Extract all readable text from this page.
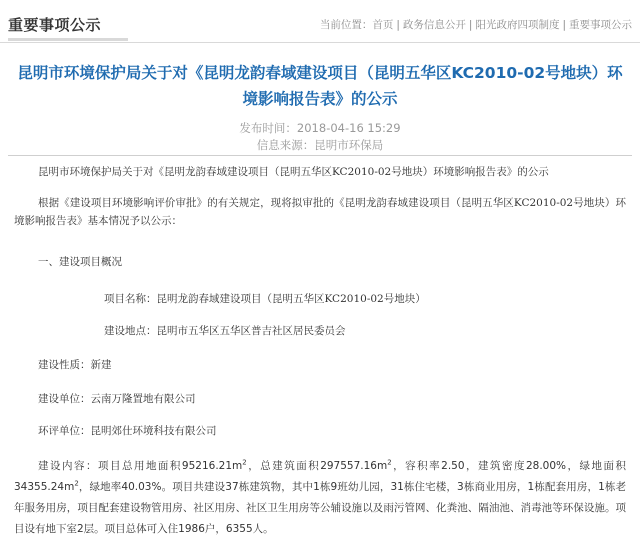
重要事项公示	当前位置：首页 | 政务信息公开 | 阳光政府四项制度 | 重要事项公示
昆明市环境保护局关于对《昆明龙韵春域建设项目（昆明五华区KC2010-02号地块）环境影响报告表》的公示
发布时间：2018-04-16 15:29
信息来源：昆明市环保局
昆明市环境保护局关于对《昆明龙韵春域建设项目（昆明五华区KC2010-02号地块）环境影响报告表》的公示
根据《建设项目环境影响评价审批》的有关规定，现将拟审批的《昆明龙韵春域建设项目（昆明五华区KC2010-02号地块）环境影响报告表》基本情况予以公示：
一、建设项目概况
项目名称：昆明龙韵春域建设项目（昆明五华区KC2010-02号地块）
建设地点：昆明市五华区五华区普吉社区居民委员会
建设性质：新建
建设单位：云南万隆置地有限公司
环评单位：昆明郊仕环境科技有限公司
建设内容：项目总用地面积$95216.21m^2$，总建筑面积$297557.16m^2$，容积率2.50，建筑密度28.00%，绿地面积$34355.24m^2$，绿地率40.03%。项目共建设37栋建筑物，其中1栋9班幼儿园，31栋住宅楼，3栋商业用房，1栋配套用房，1栋老年服务用房，项目配套建设物管用房、社区用房、社区卫生用房等公辅设施以及雨污管网、化粪池、隔油池、消毒池等环保设施。项目设有地下室2层。项目总体可入住1986户，6355人。
